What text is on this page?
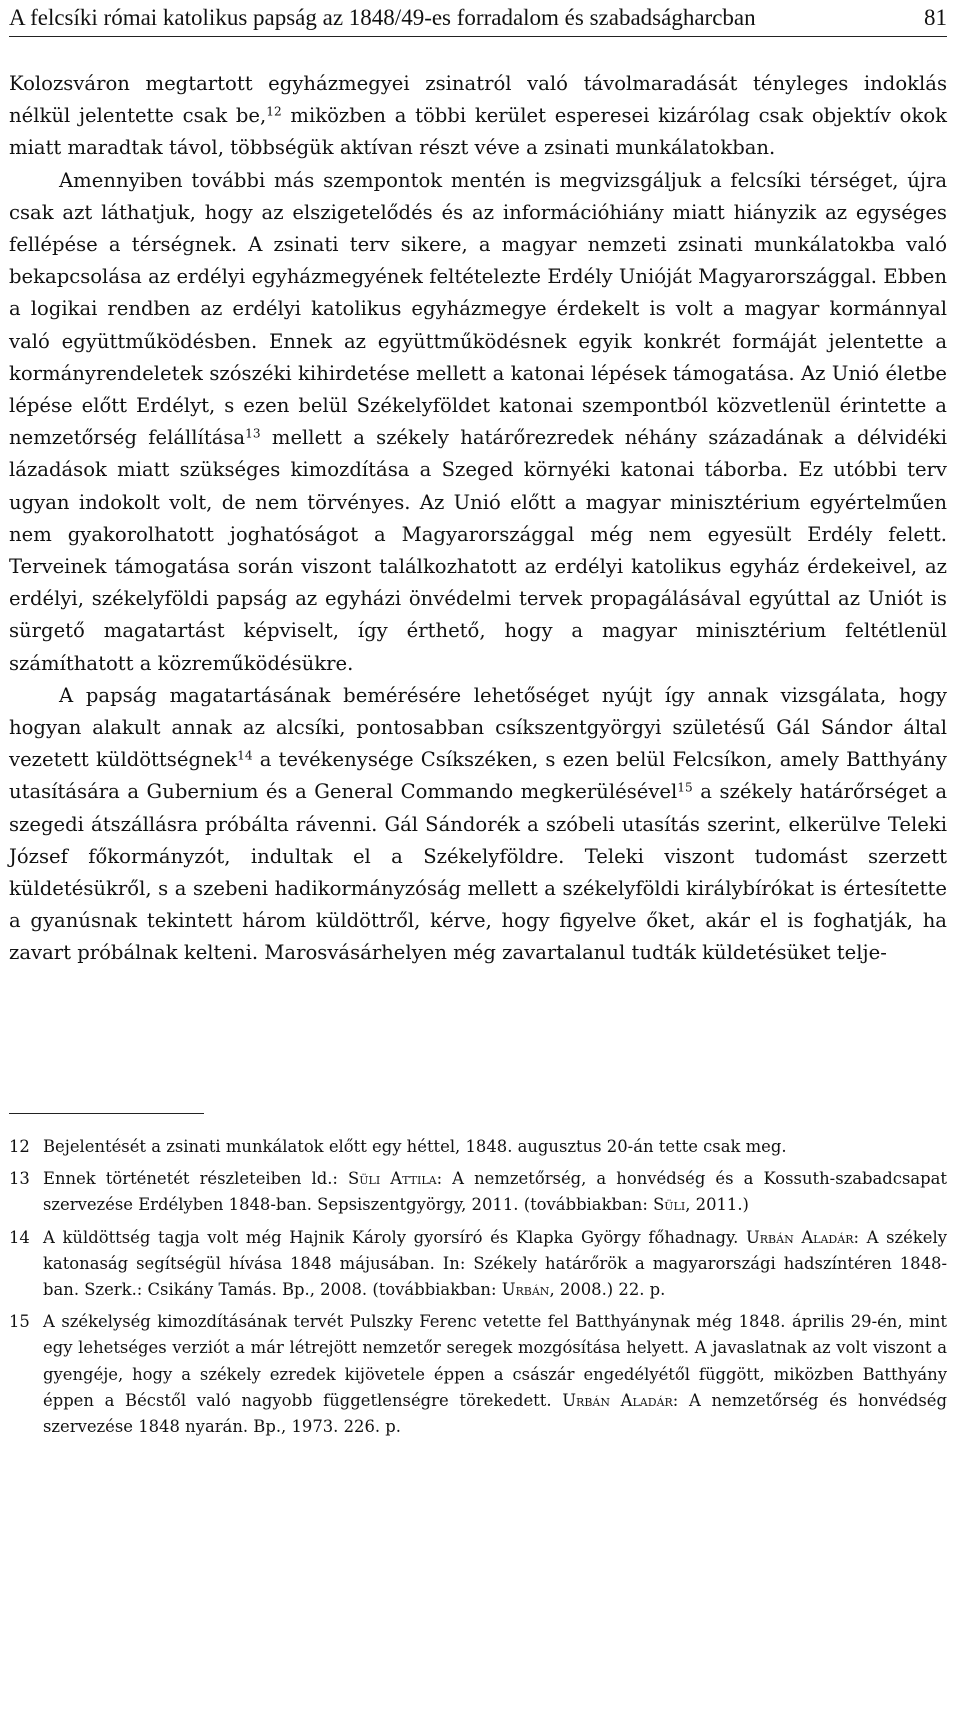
A felcsíki római katolikus papság az 1848/49-es forradalom és szabadságharcban	81

Kolozsváron megtartott egyházmegyei zsinatról való távolmaradását tényleges indoklás nélkül jelentette csak be,$^{12}$ miközben a többi kerület esperesei kizárólag csak objektív okok miatt maradtak távol, többségük aktívan részt véve a zsinati munkálatokban.

Amennyiben további más szempontok mentén is megvizsgáljuk a felcsíki térséget, újra csak azt láthatjuk, hogy az elszigetelődés és az információhiány miatt hiányzik az egységes fellépése a térségnek. A zsinati terv sikere, a magyar nemzeti zsinati munkálatokba való bekapcsolása az erdélyi egyházmegyének feltételezte Erdély Unióját Magyarországgal. Ebben a logikai rendben az erdélyi katolikus egyházmegye érdekelt is volt a magyar kormánnyal való együttműködésben. Ennek az együttműködésnek egyik konkrét formáját jelentette a kormányrendeletek szószéki kihirdetése mellett a katonai lépések támogatása. Az Unió életbe lépése előtt Erdélyt, s ezen belül Székelyföldet katonai szempontból közvetlenül érintette a nemzetőrség felállítása$^{13}$ mellett a székely határőrezredek néhány századának a délvidéki lázadások miatt szükséges kimozdítása a Szeged környéki katonai táborba. Ez utóbbi terv ugyan indokolt volt, de nem törvényes. Az Unió előtt a magyar minisztérium egyértelműen nem gyakorolhatott joghatóságot a Magyarországgal még nem egyesült Erdély felett. Terveinek támogatása során viszont találkozhatott az erdélyi katolikus egyház érdekeivel, az erdélyi, székelyföldi papság az egyházi önvédelmi tervek propagálásával egyúttal az Uniót is sürgető magatartást képviselt, így érthető, hogy a magyar minisztérium feltétlenül számíthatott a közreműködésükre.

A papság magatartásának bemérésére lehetőséget nyújt így annak vizsgálata, hogy hogyan alakult annak az alcsíki, pontosabban csíkszentgyörgyi születésű Gál Sándor által vezetett küldöttségnek$^{14}$ a tevékenysége Csíkszéken, s ezen belül Felcsíkon, amely Batthyány utasítására a Gubernium és a General Commando megkerülésével$^{15}$ a székely határőrséget a szegedi átszállásra próbálta rávenni. Gál Sándorék a szóbeli utasítás szerint, elkerülve Teleki József főkormányzót, indultak el a Székelyföldre. Teleki viszont tudomást szerzett küldetésükről, s a szebeni hadikormányzóság mellett a székelyföldi királybírókat is értesítette a gyanúsnak tekintett három küldöttről, kérve, hogy figyelve őket, akár el is foghatják, ha zavart próbálnak kelteni. Marosvásárhelyen még zavartalanul tudták küldetésüket telje-

12 Bejelentését a zsinati munkálatok előtt egy héttel, 1848. augusztus 20-án tette csak meg.
13 Ennek történetét részleteiben ld.: Süli Attila: A nemzetőrség, a honvédség és a Kossuth-szabadcsapat szervezése Erdélyben 1848-ban. Sepsiszentgyörgy, 2011. (továbbiakban: Süli, 2011.)
14 A küldöttség tagja volt még Hajnik Károly gyorsíró és Klapka György főhadnagy. Urbán Aladár: A székely katonaság segítségül hívása 1848 májusában. In: Székely határőrök a magyarországi hadszíntéren 1848-ban. Szerk.: Csikány Tamás. Bp., 2008. (továbbiakban: Urbán, 2008.) 22. p.
15 A székelység kimozdításának tervét Pulszky Ferenc vetette fel Batthyánynak még 1848. április 29-én, mint egy lehetséges verziót a már létrejött nemzetőr seregek mozgósítása helyett. A javaslatnak az volt viszont a gyengéje, hogy a székely ezredek kijövetele éppen a császár engedélyétől függött, miközben Batthyány éppen a Bécstől való nagyobb függetlenségre törekedett. Urbán Aladár: A nemzetőrség és honvédség szervezése 1848 nyarán. Bp., 1973. 226. p.
